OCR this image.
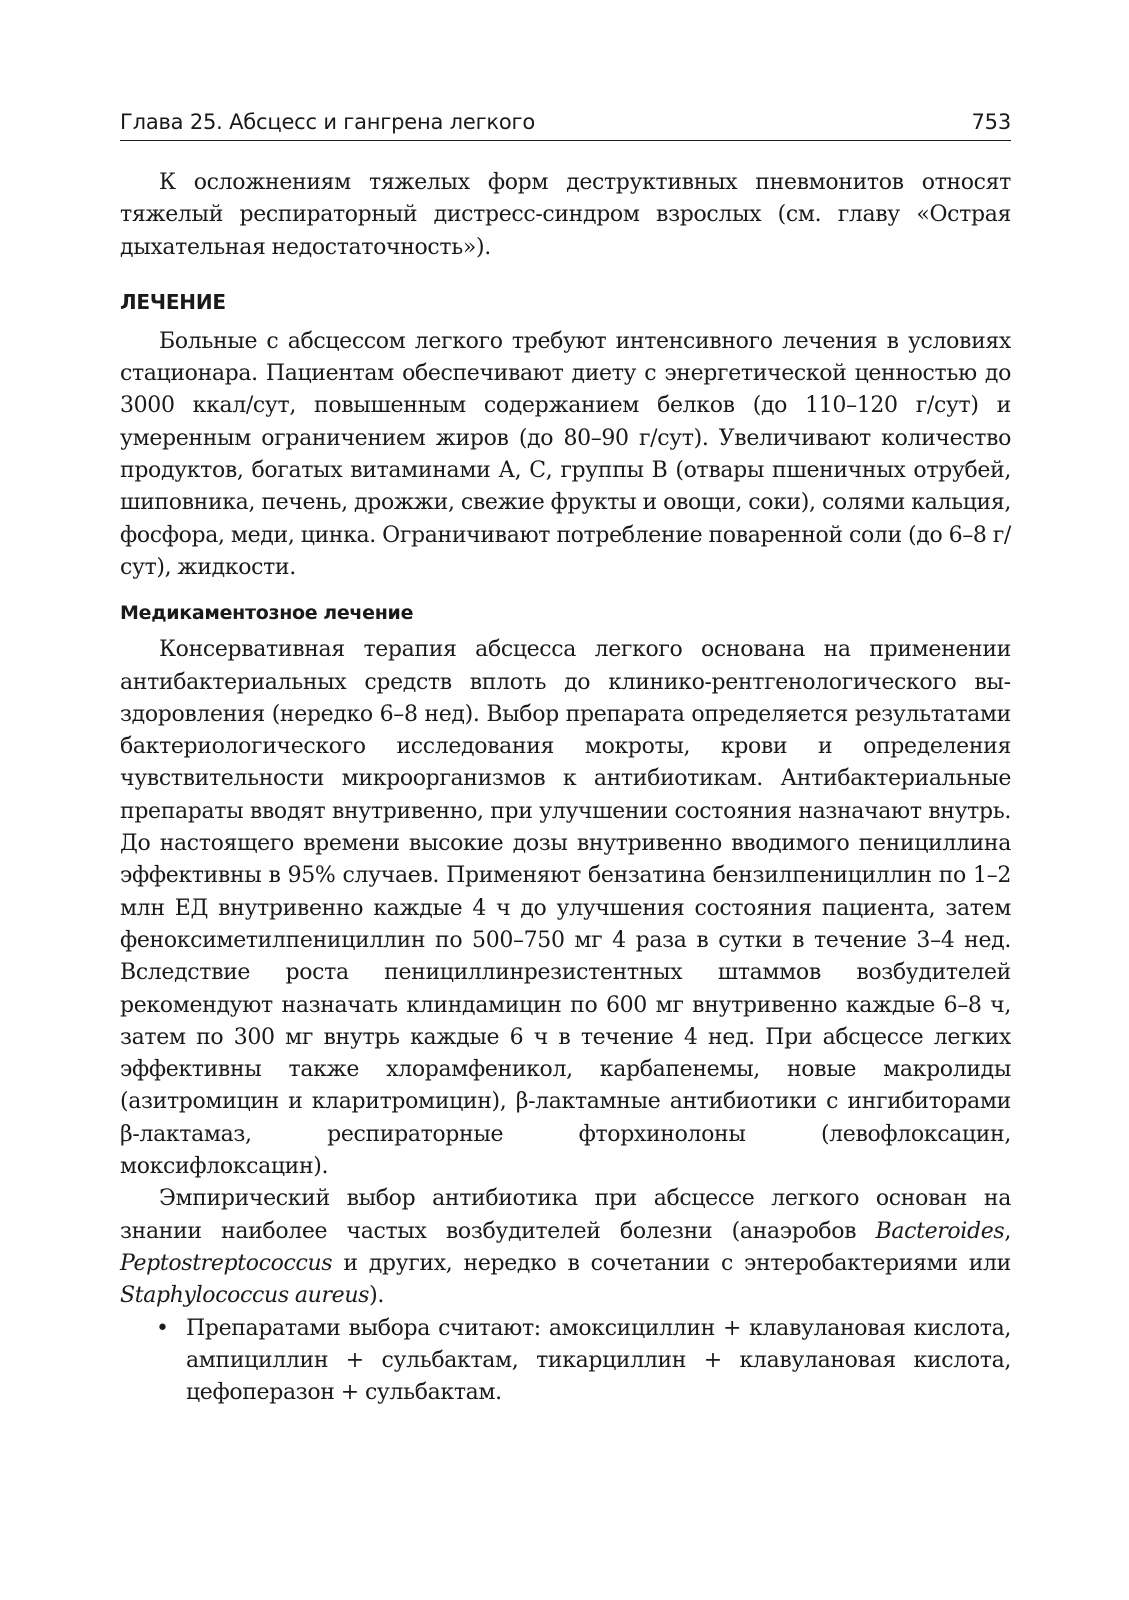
Глава 25. Абсцесс и гангрена легкого	753

К осложнениям тяжелых форм деструктивных пневмонитов относят тяжелый респираторный дистресс-синдром взрослых (см. главу «Острая дыхательная недостаточность»).

ЛЕЧЕНИЕ

Больные с абсцессом легкого требуют интенсивного лечения в условиях стационара. Пациентам обеспечивают диету с энергетической ценностью до 3000 ккал/сут, повышенным содержанием белков (до 110–120 г/сут) и умеренным ограничением жиров (до 80–90 г/сут). Увеличивают количество продуктов, богатых витаминами А, С, группы В (отвары пшеничных отрубей, шиповника, печень, дрожжи, свежие фрукты и овощи, соки), солями кальция, фосфора, меди, цинка. Ограничивают потребление поваренной соли (до 6–8 г/сут), жидкости.

Медикаментозное лечение

Консервативная терапия абсцесса легкого основана на применении антибактериальных средств вплоть до клинико-рентгенологического выздоровления (нередко 6–8 нед). Выбор препарата определяется результатами бактериологического исследования мокроты, крови и определения чувствительности микроорганизмов к антибиотикам. Антибактериальные препараты вводят внутривенно, при улучшении состояния назначают внутрь. До настоящего времени высокие дозы внутривенно вводимого пенициллина эффективны в 95% случаев. Применяют бензатина бензилпенициллин по 1–2 млн ЕД внутривенно каждые 4 ч до улучшения состояния пациента, затем феноксиметилпенициллин по 500–750 мг 4 раза в сутки в течение 3–4 нед. Вследствие роста пенициллинрезистентных штаммов возбудителей рекомендуют назначать клиндамицин по 600 мг внутривенно каждые 6–8 ч, затем по 300 мг внутрь каждые 6 ч в течение 4 нед. При абсцессе легких эффективны также хлорамфеникол, карбапенемы, новые макролиды (азитромицин и кларитромицин), β-лактамные антибиотики с ингибиторами β-лактамаз, респираторные фторхинолоны (левофлоксацин, моксифлоксацин).

Эмпирический выбор антибиотика при абсцессе легкого основан на знании наиболее частых возбудителей болезни (анаэробов Bacteroides, Peptostreptococcus и других, нередко в сочетании с энтеробактериями или Staphylococcus aureus).

• Препаратами выбора считают: амоксициллин + клавулановая кислота, ампициллин + сульбактам, тикарциллин + клавулановая кислота, цефоперазон + сульбактам.
